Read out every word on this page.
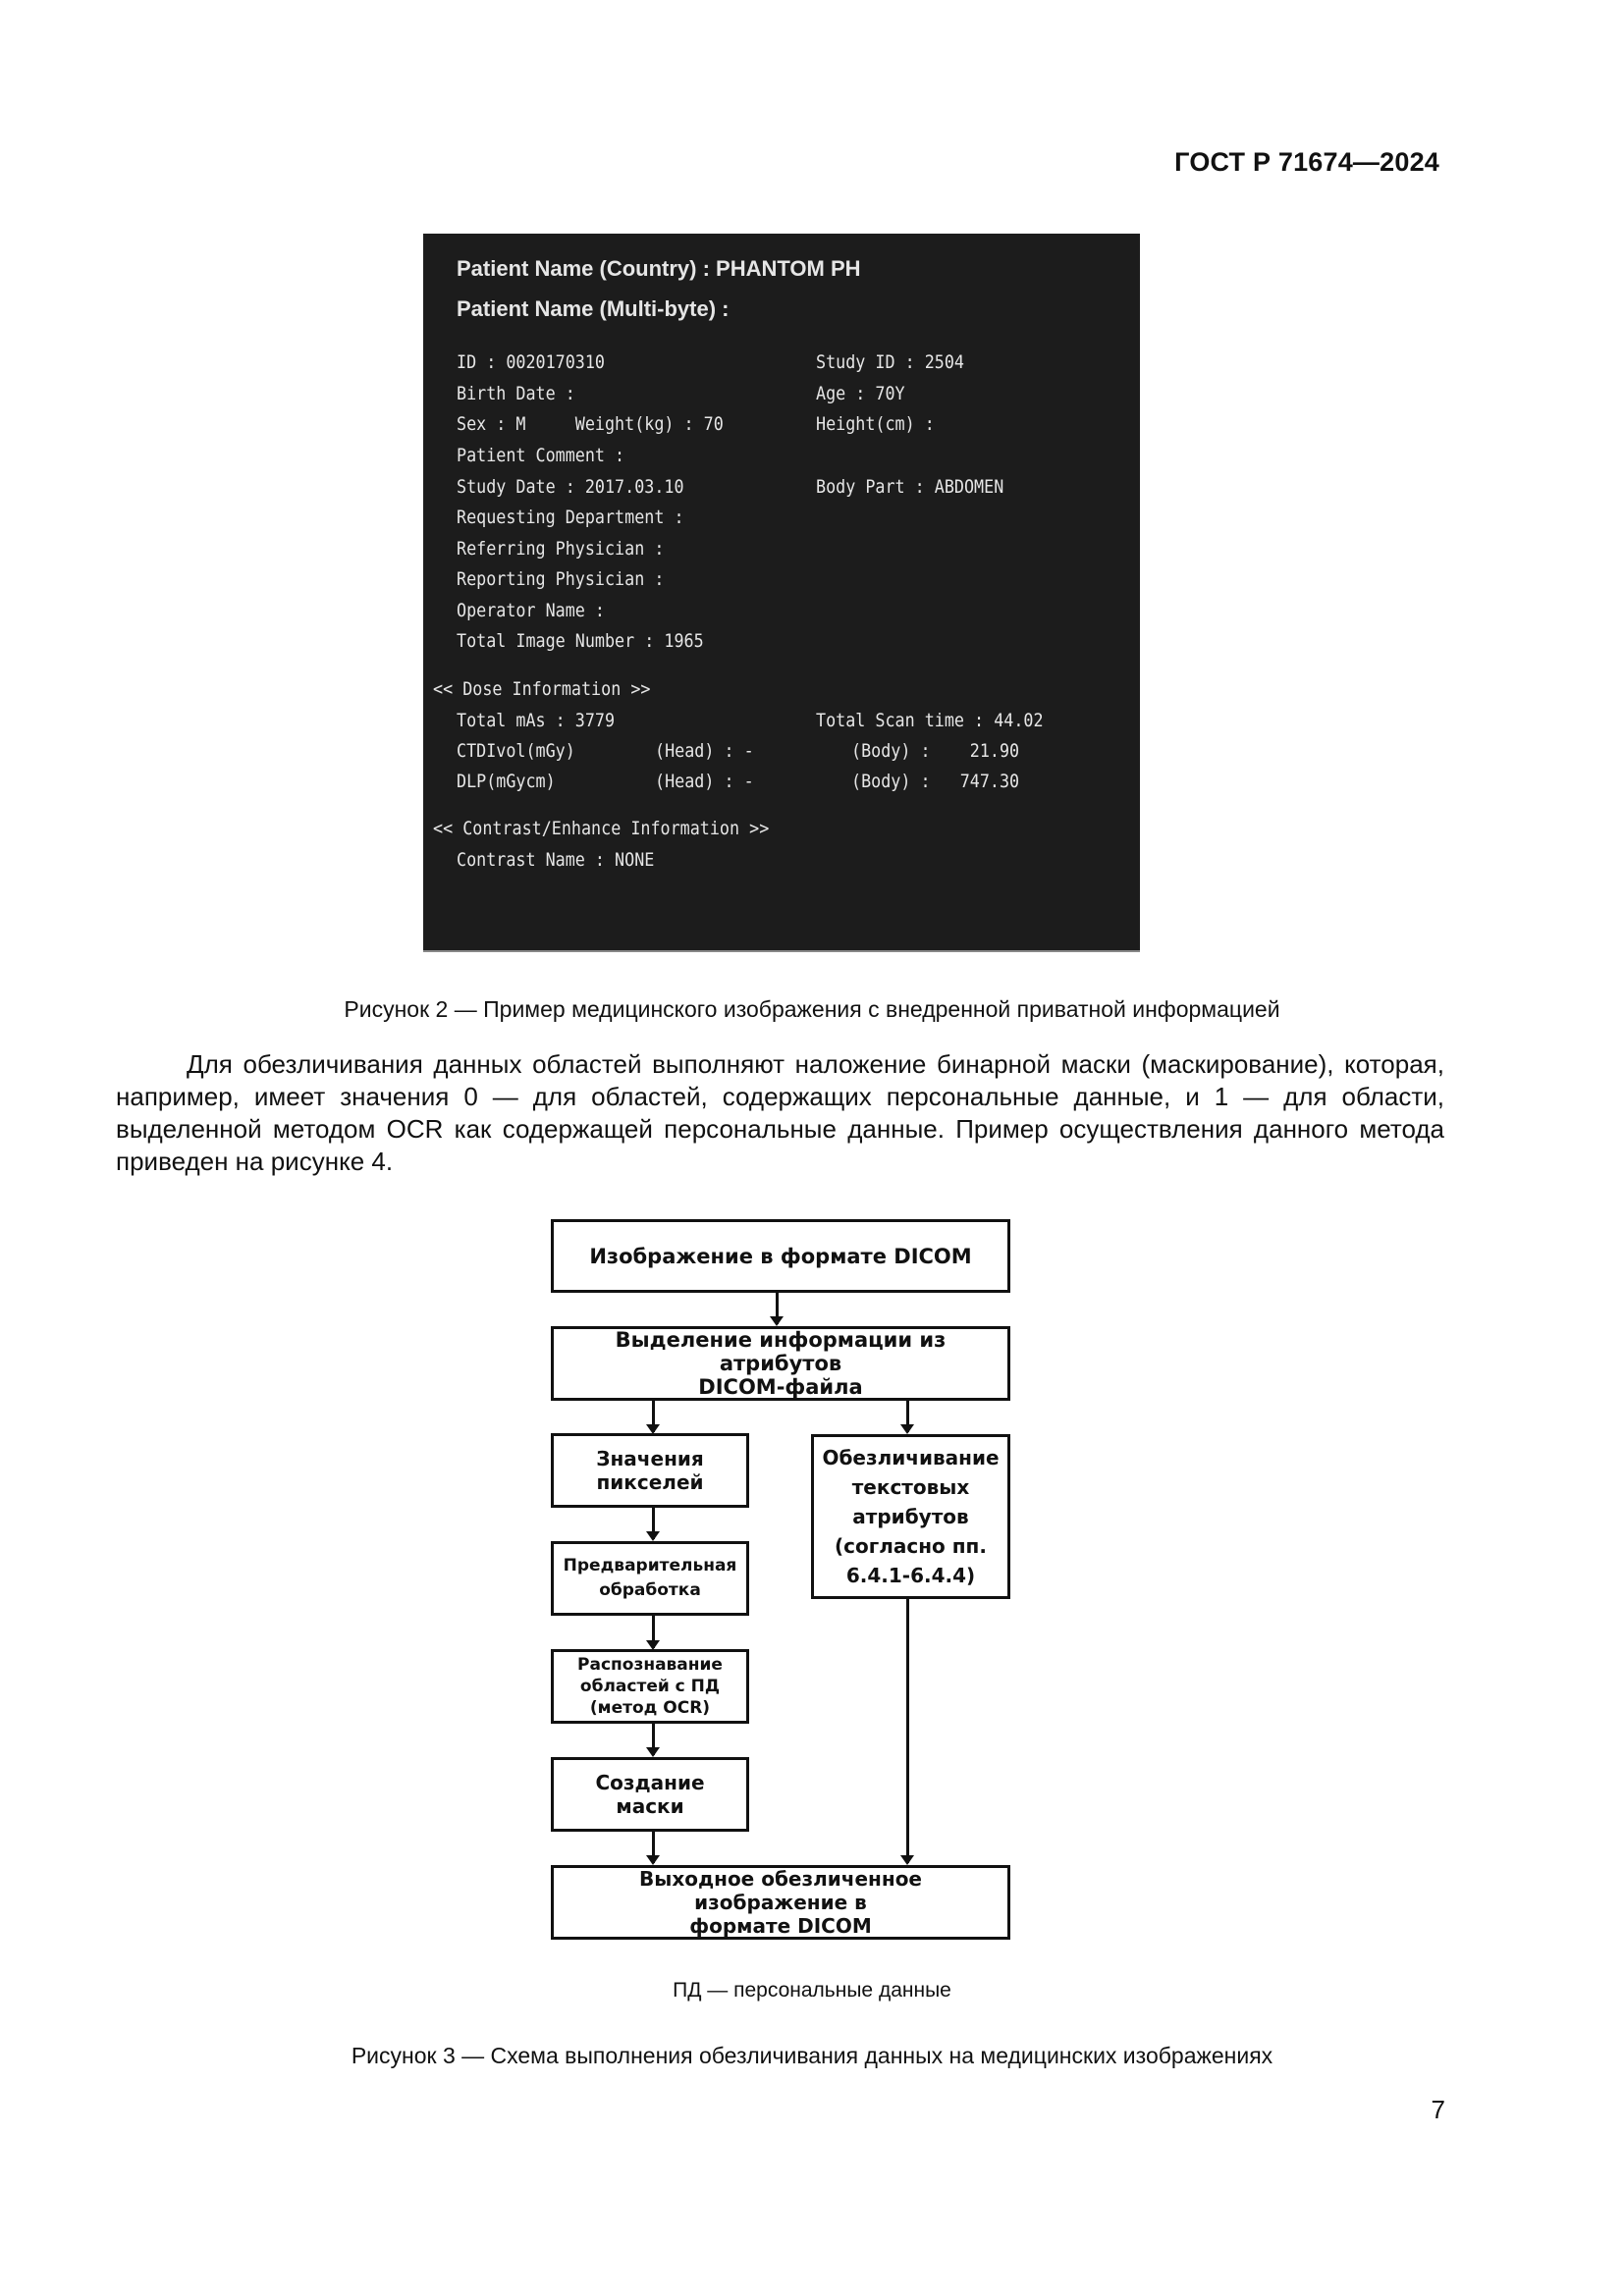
ГОСТ Р 71674—2024
Patient Name (Country) : PHANTOM PH
Patient Name (Multi-byte) :
ID : 0020170310
Birth Date :
Sex : M     Weight(kg) : 70
Patient Comment :
Study Date : 2017.03.10
Requesting Department :
Referring Physician :
Reporting Physician :
Operator Name :
Total Image Number : 1965
Study ID : 2504
Age : 70Y
Height(cm) :
Body Part : ABDOMEN
<< Dose Information >>
Total mAs : 3779
CTDIvol(mGy)
DLP(mGycm)
(Head) : -
(Head) : -
Total Scan time : 44.02
(Body) :    21.90
(Body) :   747.30
<< Contrast/Enhance Information >>
Contrast Name : NONE
Рисунок 2 — Пример медицинского изображения с внедренной приватной информацией
Для обезличивания данных областей выполняют наложение бинарной маски (маскирование), которая, например, имеет значения 0 — для областей, содержащих персональные данные, и 1 — для области, выделенной методом OCR как содержащей персональные данные. Пример осуществления данного метода приведен на рисунке 4.
Изображение в формате DICOM
Выделение информации из атрибутов
DICOM-файла
Значения
пикселей
Обезличивание
текстовых
атрибутов
(согласно пп.
6.4.1-6.4.4)
Предварительная
обработка
Распознавание
областей с ПД
(метод OCR)
Создание маски
Выходное обезличенное изображение в
формате DICOM
ПД — персональные данные
Рисунок 3 — Схема выполнения обезличивания данных на медицинских изображениях
7
